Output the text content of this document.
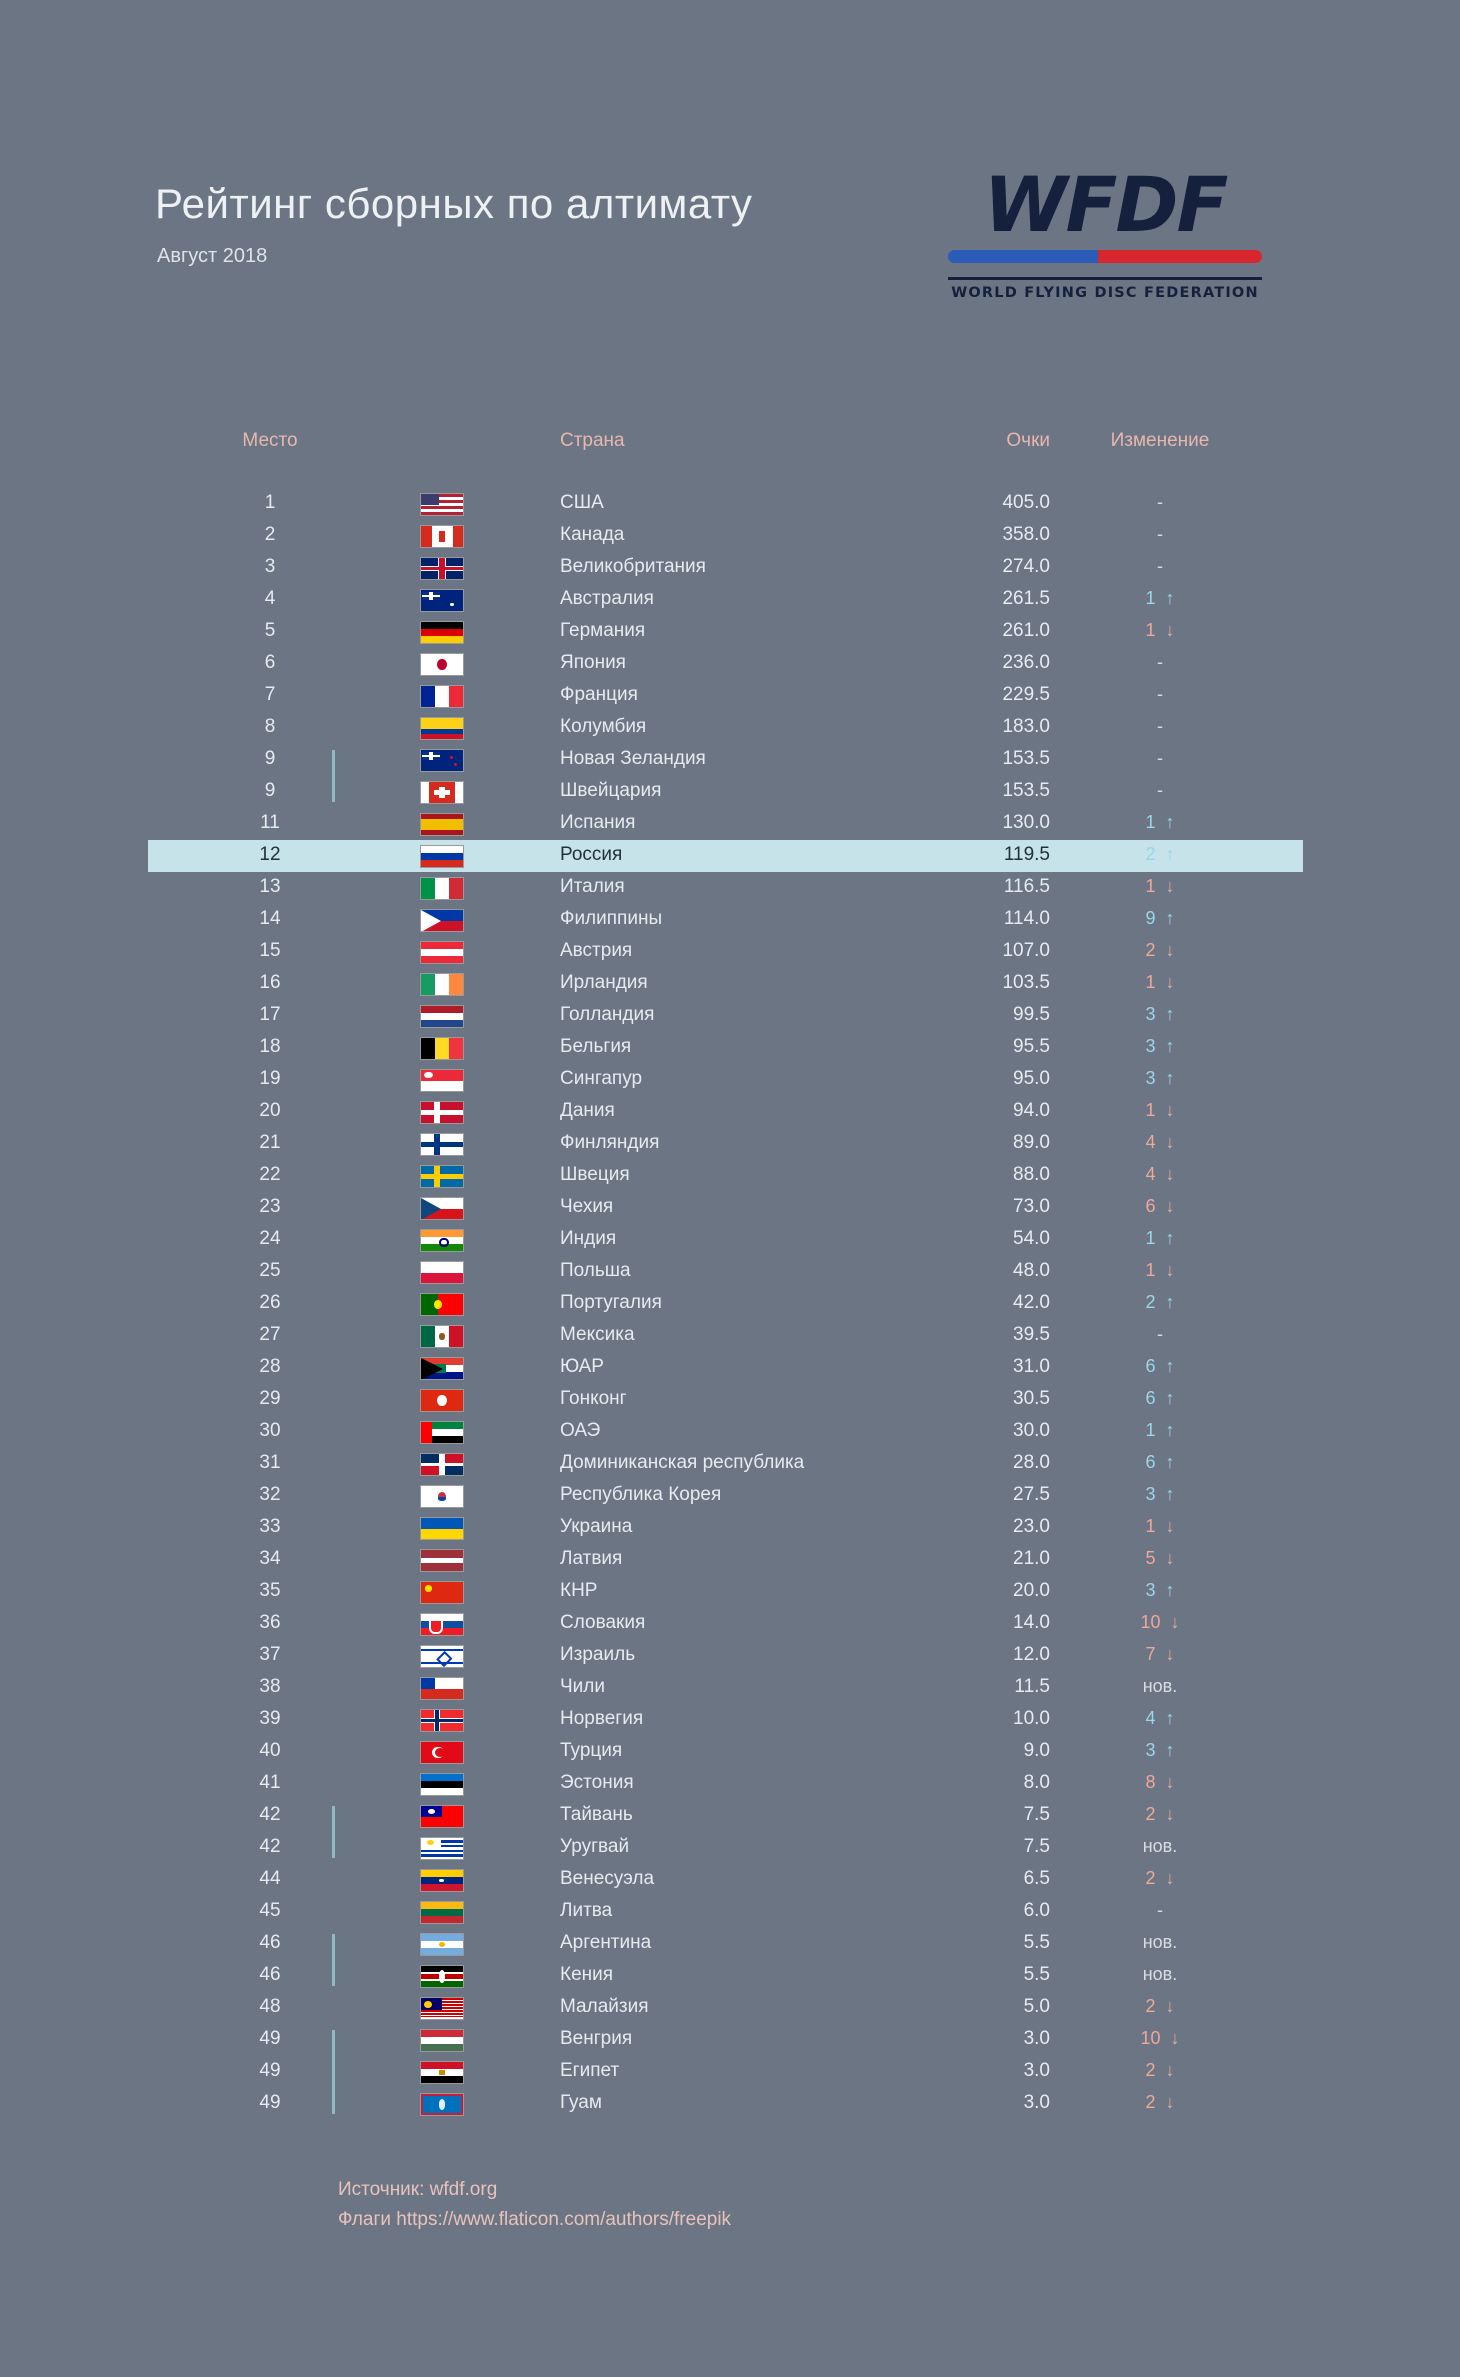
Рейтинг сборных по алтимату
Август 2018
WFDF
WORLD FLYING DISC FEDERATION
Место	Страна	Очки	Изменение
1	США	405.0	-
2	Канада	358.0	-
3	Великобритания	274.0	-
4	Австралия	261.5	1  ↑
5	Германия	261.0	1  ↓
6	Япония	236.0	-
7	Франция	229.5	-
8	Колумбия	183.0	-
9	Новая Зеландия	153.5	-
9	Швейцария	153.5	-
11	Испания	130.0	1  ↑
12	Россия	119.5	2  ↑
13	Италия	116.5	1  ↓
14	Филиппины	114.0	9  ↑
15	Австрия	107.0	2  ↓
16	Ирландия	103.5	1  ↓
17	Голландия	99.5	3  ↑
18	Бельгия	95.5	3  ↑
19	Сингапур	95.0	3  ↑
20	Дания	94.0	1  ↓
21	Финляндия	89.0	4  ↓
22	Швеция	88.0	4  ↓
23	Чехия	73.0	6  ↓
24	Индия	54.0	1  ↑
25	Польша	48.0	1  ↓
26	Португалия	42.0	2  ↑
27	Мексика	39.5	-
28	ЮАР	31.0	6  ↑
29	Гонконг	30.5	6  ↑
30	ОАЭ	30.0	1  ↑
31	Доминиканская республика	28.0	6  ↑
32	Республика Корея	27.5	3  ↑
33	Украина	23.0	1  ↓
34	Латвия	21.0	5  ↓
35	КНР	20.0	3  ↑
36	Словакия	14.0	10  ↓
37	Израиль	12.0	7  ↓
38	Чили	11.5	нов.
39	Норвегия	10.0	4  ↑
40	Турция	9.0	3  ↑
41	Эстония	8.0	8  ↓
42	Тайвань	7.5	2  ↓
42	Уругвай	7.5	нов.
44	Венесуэла	6.5	2  ↓
45	Литва	6.0	-
46	Аргентина	5.5	нов.
46	Кения	5.5	нов.
48	Малайзия	5.0	2  ↓
49	Венгрия	3.0	10  ↓
49	Египет	3.0	2  ↓
49	Гуам	3.0	2  ↓
Источник: wfdf.org
Флаги https://www.flaticon.com/authors/freepik
